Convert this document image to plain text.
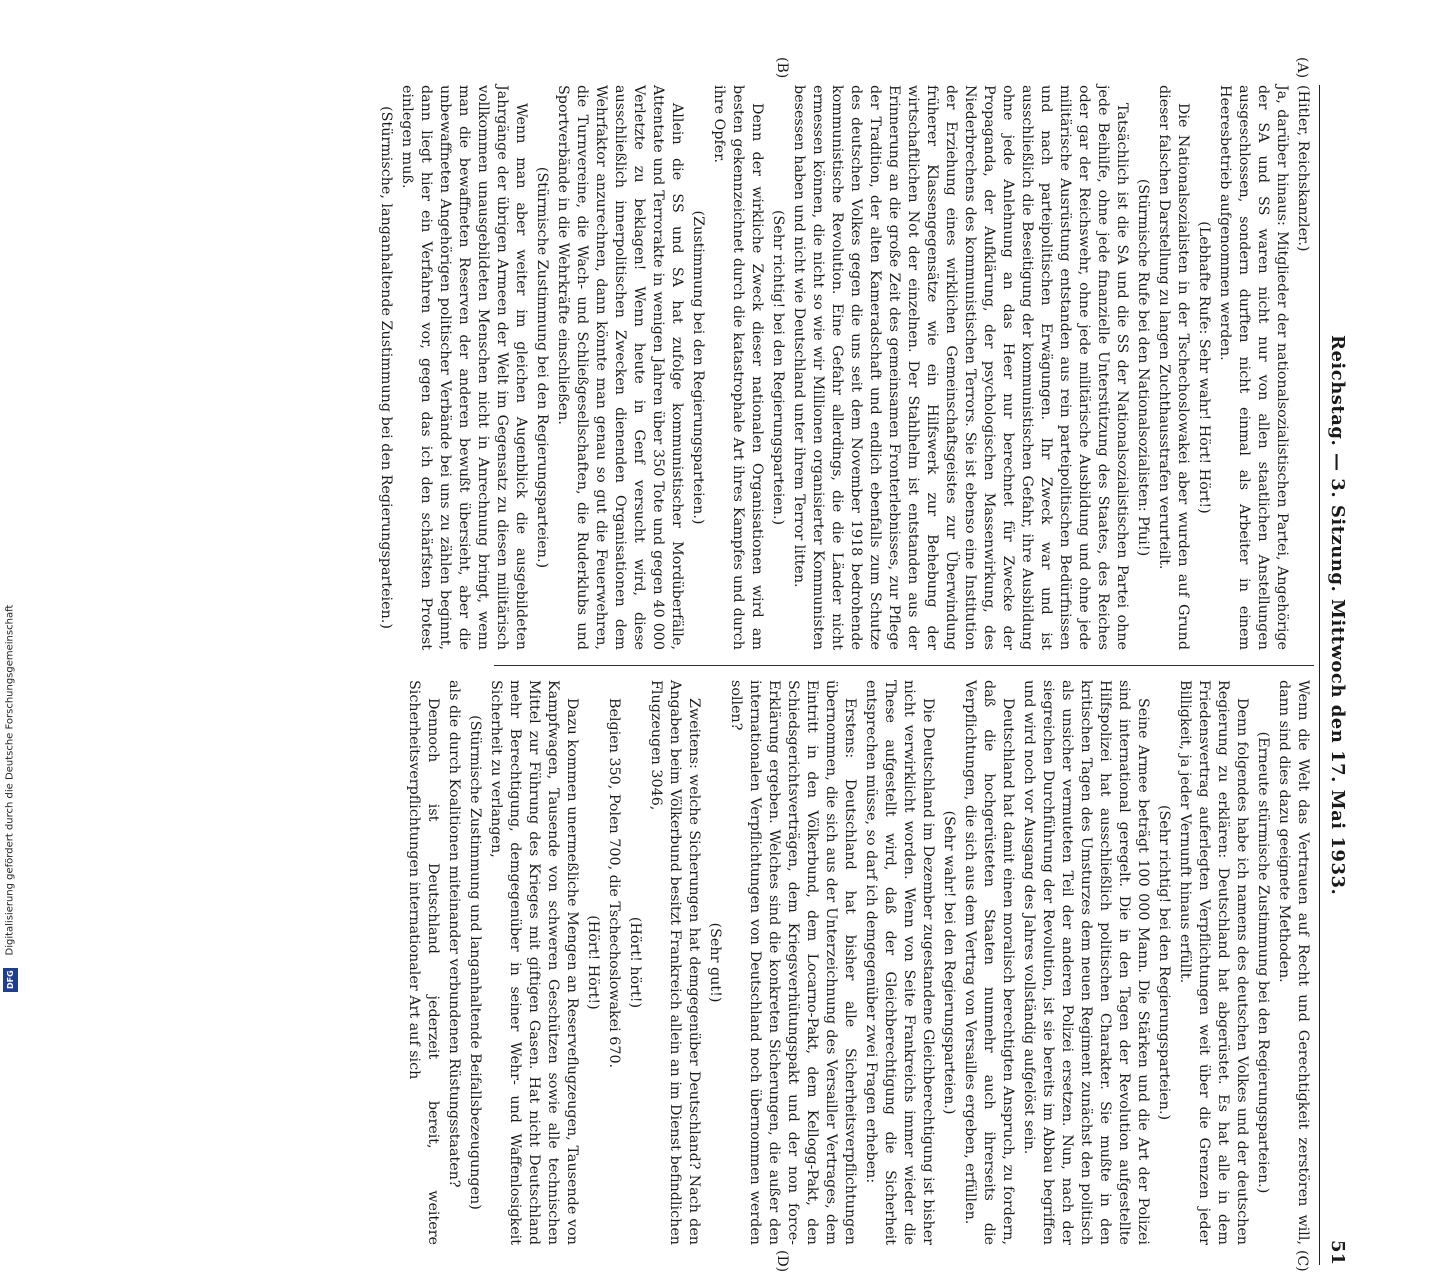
Reichstag. — 3. Sitzung. Mittwoch den 17. Mai 1933.
51

(Hitler, Reichskanzler.)

Ja, darüber hinaus: Mitglieder der nationalsozialistischen Partei, Angehörige der SA und SS waren nicht nur von allen staatlichen Anstellungen ausgeschlossen, sondern durften nicht einmal als Arbeiter in einem Heeresbetrieb aufgenommen werden.

(Lebhafte Rufe: Sehr wahr! Hört! Hört!)

Die Nationalsozialisten in der Tschechoslowakei aber wurden auf Grund dieser falschen Darstellung zu langen Zuchthausstrafen verurteilt.

(Stürmische Rufe bei den Nationalsozialisten: Pfui!)

Tatsächlich ist die SA und die SS der Nationalsozialistischen Partei ohne jede Beihilfe, ohne jede finanzielle Unterstützung des Staates, des Reiches oder gar der Reichswehr, ohne jede militärische Ausbildung und ohne jede militärische Ausrüstung entstanden aus rein parteipolitischen Bedürfnissen und nach parteipolitischen Erwägungen. Ihr Zweck war und ist ausschließlich die Beseitigung der kommunistischen Gefahr, ihre Ausbildung ohne jede Anlehnung an das Heer nur berechnet für Zwecke der Propaganda, der Aufklärung, der psychologischen Massenwirkung, des Niederbrechens des kommunistischen Terrors. Sie ist ebenso eine Institution der Erziehung eines wirklichen Gemeinschaftsgeistes zur Überwindung früherer Klassengegensätze wie ein Hilfswerk zur Behebung der wirtschaftlichen Not der einzelnen. Der Stahlhelm ist entstanden aus der Erinnerung an die große Zeit des gemeinsamen Fronterlebnisses, zur Pflege der Tradition, der alten Kameradschaft und endlich ebenfalls zum Schutze des deutschen Volkes gegen die uns seit dem November 1918 bedrohende kommunistische Revolution. Eine Gefahr allerdings, die die Länder nicht ermessen können, die nicht so wie wir Millionen organisierter Kommunisten besessen haben und nicht wie Deutschland unter ihrem Terror litten.

(Sehr richtig! bei den Regierungsparteien.)

Denn der wirkliche Zweck dieser nationalen Organisationen wird am besten gekennzeichnet durch die katastrophale Art ihres Kampfes und durch ihre Opfer.

(Zustimmung bei den Regierungsparteien.)

Allein die SS und SA hat zufolge kommunistischer Mordüberfälle, Attentate und Terrorakte in wenigen Jahren über 350 Tote und gegen 40 000 Verletzte zu beklagen! Wenn heute in Genf versucht wird, diese ausschließlich innerpolitischen Zwecken dienenden Organisationen dem Wehrfaktor anzurechnen, dann könnte man genau so gut die Feuerwehren, die Turnvereine, die Wach- und Schließgesellschaften, die Ruderklubs und Sportverbände in die Wehrkräfte einschließen.

(Stürmische Zustimmung bei den Regierungsparteien.)

Wenn man aber weiter im gleichen Augenblick die ausgebildeten Jahrgänge der übrigen Armeen der Welt im Gegensatz zu diesen militärisch vollkommen unausgebildeten Menschen nicht in Anrechnung bringt, wenn man die bewaffneten Reserven der anderen bewußt übersieht, aber die unbewaffneten Angehörigen politischer Verbände bei uns zu zählen beginnt, dann liegt hier ein Verfahren vor, gegen das ich den schärfsten Protest einlegen muß.

(Stürmische, langanhaltende Zustimmung bei den Regierungsparteien.)

Wenn die Welt das Vertrauen auf Recht und Gerechtigkeit zerstören will, dann sind dies dazu geeignete Methoden.

(Erneute stürmische Zustimmung bei den Regierungsparteien.)

Denn folgendes habe ich namens des deutschen Volkes und der deutschen Regierung zu erklären: Deutschland hat abgerüstet. Es hat alle in dem Friedensvertrag auferlegten Verpflichtungen weit über die Grenzen jeder Billigkeit, ja jeder Vernunft hinaus erfüllt.

(Sehr richtig! bei den Regierungsparteien.)

Seine Armee beträgt 100 000 Mann. Die Stärken und die Art der Polizei sind international geregelt. Die in den Tagen der Revolution aufgestellte Hilfspolizei hat ausschließlich politischen Charakter. Sie mußte in den kritischen Tagen des Umsturzes dem neuen Regiment zunächst den politisch als unsicher vermuteten Teil der anderen Polizei ersetzen. Nun, nach der siegreichen Durchführung der Revolution, ist sie bereits im Abbau begriffen und wird noch vor Ausgang des Jahres vollständig aufgelöst sein.

Deutschland hat damit einen moralisch berechtigten Anspruch, zu fordern, daß die hochgerüsteten Staaten nunmehr auch ihrerseits die Verpflichtungen, die sich aus dem Vertrag von Versailles ergeben, erfüllen.

(Sehr wahr! bei den Regierungsparteien.)

Die Deutschland im Dezember zugestandene Gleichberechtigung ist bisher nicht verwirklicht worden. Wenn von Seite Frankreichs immer wieder die These aufgestellt wird, daß der Gleichberechtigung die Sicherheit entsprechen müsse, so darf ich demgegenüber zwei Fragen erheben:

Erstens: Deutschland hat bisher alle Sicherheitsverpflichtungen übernommen, die sich aus der Unterzeichnung des Versailler Vertrages, dem Eintritt in den Völkerbund, dem Locarno-Pakt, dem Kellogg-Pakt, den Schiedsgerichtsverträgen, dem Kriegsverhütungspakt und der non force-Erklärung ergeben. Welches sind die konkreten Sicherungen, die außer den internationalen Verpflichtungen von Deutschland noch übernommen werden sollen?

(Sehr gut!)

Zweitens: welche Sicherungen hat demgegenüber Deutschland? Nach den Angaben beim Völkerbund besitzt Frankreich allein an im Dienst befindlichen Flugzeugen 3046,

(Hört! hört!)

Belgien 350, Polen 700, die Tschechoslowakei 670.

(Hört! Hört!)

Dazu kommen unermeßliche Mengen an Reserveflugzeugen, Tausende von Kampfwagen, Tausende von schweren Geschützen sowie alle technischen Mittel zur Führung des Krieges mit giftigen Gasen. Hat nicht Deutschland mehr Berechtigung, demgegenüber in seiner Wehr- und Waffenlosigkeit Sicherheit zu verlangen,

(Stürmische Zustimmung und langanhaltende Beifallsbezeugungen)

als die durch Koalitionen miteinander verbundenen Rüstungsstaaten?

Dennoch ist Deutschland jederzeit bereit, weitere Sicherheitsverpflichtungen internationaler Art auf sich

(A)
(B)
(C)
(D)
Digitalisierung gefördert durch die Deutsche Forschungsgemeinschaft
DFG
